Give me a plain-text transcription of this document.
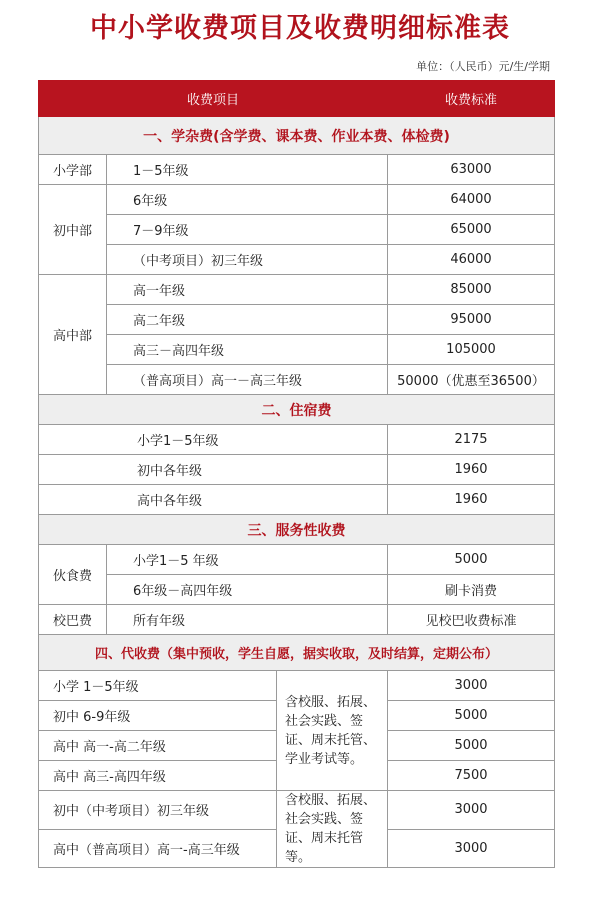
中小学收费项目及收费明细标准表
单位：（人民币）元/生/学期
收费项目			收费标准
一、学杂费(含学费、课本费、作业本费、体检费)			
小学部	1－5年级		63000
初中部	6年级		64000
	7－9年级		65000
	（中考项目）初三年级		46000
高中部	高一年级		85000
	高二年级		95000
	高三－高四年级		105000
	（普高项目）高一－高三年级		50000（优惠至36500）
二、住宿费			
小学1－5年级			2175
初中各年级			1960
高中各年级			1960
三、服务性收费			
伙食费	小学1－5 年级		5000
	6年级－高四年级		刷卡消费
校巴费	所有年级		见校巴收费标准
四、代收费（集中预收，学生自愿，据实收取，及时结算，定期公布）			
小学 1－5年级		含校服、拓展、社会实践、签证、周末托管、学业考试等。	3000
初中 6-9年级			5000
高中 高一-高二年级			5000
高中 高三-高四年级			7500
初中（中考项目）初三年级		含校服、拓展、社会实践、签证、周末托管等。	3000
高中（普高项目）高一-高三年级			3000
